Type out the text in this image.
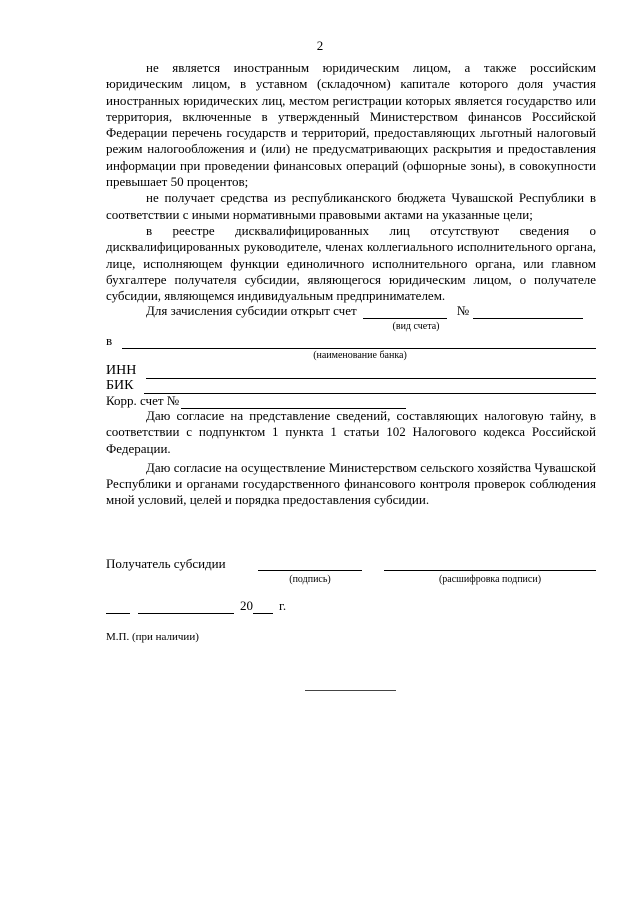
2

не является иностранным юридическим лицом, а также российским юридическим лицом, в уставном (складочном) капитале которого доля участия иностранных юридических лиц, местом регистрации которых является государство или территория, включенные в утвержденный Министерством финансов Российской Федерации перечень государств и территорий, предоставляющих льготный налоговый режим налогообложения и (или) не предусматривающих раскрытия и предоставления информации при проведении финансовых операций (офшорные зоны), в совокупности превышает 50 процентов;

не получает средства из республиканского бюджета Чувашской Республики в соответствии с иными нормативными правовыми актами на указанные цели;

в реестре дисквалифицированных лиц отсутствуют сведения о дисквалифицированных руководителе, членах коллегиального исполнительного органа, лице, исполняющем функции единоличного исполнительного органа, или главном бухгалтере получателя субсидии, являющегося юридическим лицом, о получателе субсидии, являющемся индивидуальным предпринимателем.

Для зачисления субсидии открыт счет	№
(вид счета)
в
(наименование банка)
ИНН
БИК
Корр. счет №

Даю согласие на представление сведений, составляющих налоговую тайну, в соответствии с подпунктом 1 пункта 1 статьи 102 Налогового кодекса Российской Федерации.

Даю согласие на осуществление Министерством сельского хозяйства Чувашской Республики и органами государственного финансового контроля проверок соблюдения мной условий, целей и порядка предоставления субсидии.

Получатель субсидии
(подпись)	(расшифровка подписи)
20 г.
М.П. (при наличии)
